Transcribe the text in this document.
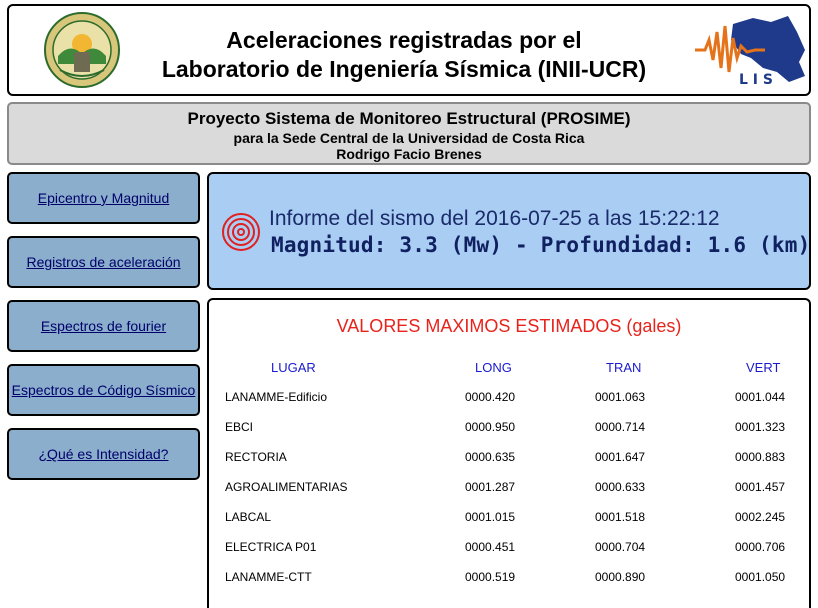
Aceleraciones registradas por el
Laboratorio de Ingeniería Sísmica (INII-UCR)	L I S
Proyecto Sistema de Monitoreo Estructural (PROSIME)
para la Sede Central de la Universidad de Costa Rica
Rodrigo Facio Brenes
Epicentro y Magnitud
Registros de aceleración
Espectros de fourier
Espectros de Código Sísmico
¿Qué es Intensidad?
Informe del sismo del 2016-07-25 a las 15:22:12
Magnitud: 3.3 (Mw) - Profundidad: 1.6 (km)
VALORES MAXIMOS ESTIMADOS (gales)
LUGAR	LONG	TRAN	VERT
LANAMME-Edificio	0000.420	0001.063	0001.044
EBCI	0000.950	0000.714	0001.323
RECTORIA	0000.635	0001.647	0000.883
AGROALIMENTARIAS	0001.287	0000.633	0001.457
LABCAL	0001.015	0001.518	0002.245
ELECTRICA P01	0000.451	0000.704	0000.706
LANAMME-CTT	0000.519	0000.890	0001.050
